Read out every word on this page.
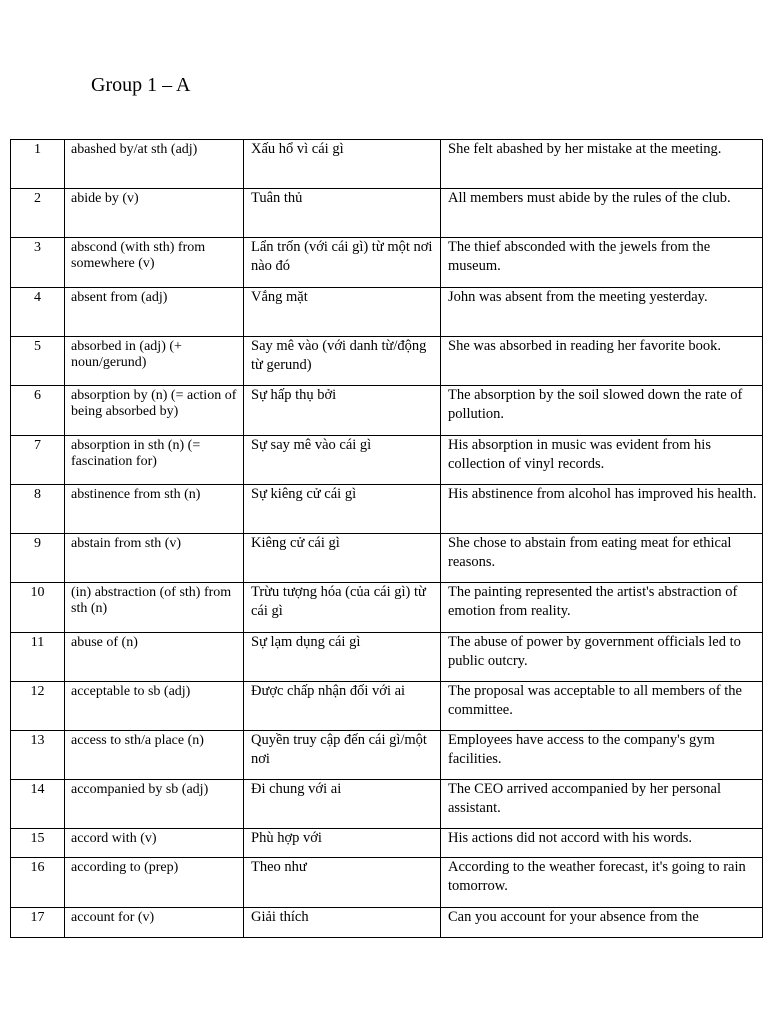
Group 1 – A
1	abashed by/at sth (adj)	Xấu hổ vì cái gì	She felt abashed by her mistake at the meeting.

2	abide by (v)	Tuân thủ	All members must abide by the rules of the club.

3	abscond (with sth) from somewhere (v)	Lẩn trốn (với cái gì) từ một nơi nào đó	The thief absconded with the jewels from the museum.

4	absent from (adj)	Vắng mặt	John was absent from the meeting yesterday.

5	absorbed in (adj) (+ noun/gerund)	Say mê vào (với danh từ/động từ gerund)	She was absorbed in reading her favorite book.

6	absorption by (n) (= action of being absorbed by)	Sự hấp thụ bởi	The absorption by the soil slowed down the rate of pollution.

7	absorption in sth (n) (= fascination for)	Sự say mê vào cái gì	His absorption in music was evident from his collection of vinyl records.

8	abstinence from sth (n)	Sự kiêng cử cái gì	His abstinence from alcohol has improved his health.

9	abstain from sth (v)	Kiêng cử cái gì	She chose to abstain from eating meat for ethical reasons.

10	(in) abstraction (of sth) from sth (n)	Trừu tượng hóa (của cái gì) từ cái gì	The painting represented the artist's abstraction of emotion from reality.

11	abuse of (n)	Sự lạm dụng cái gì	The abuse of power by government officials led to public outcry.

12	acceptable to sb (adj)	Được chấp nhận đối với ai	The proposal was acceptable to all members of the committee.

13	access to sth/a place (n)	Quyền truy cập đến cái gì/một nơi	Employees have access to the company's gym facilities.

14	accompanied by sb (adj)	Đi chung với ai	The CEO arrived accompanied by her personal assistant.

15	accord with (v)	Phù hợp với	His actions did not accord with his words.

16	according to (prep)	Theo như	According to the weather forecast, it's going to rain tomorrow.

17	account for (v)	Giải thích	Can you account for your absence from the
